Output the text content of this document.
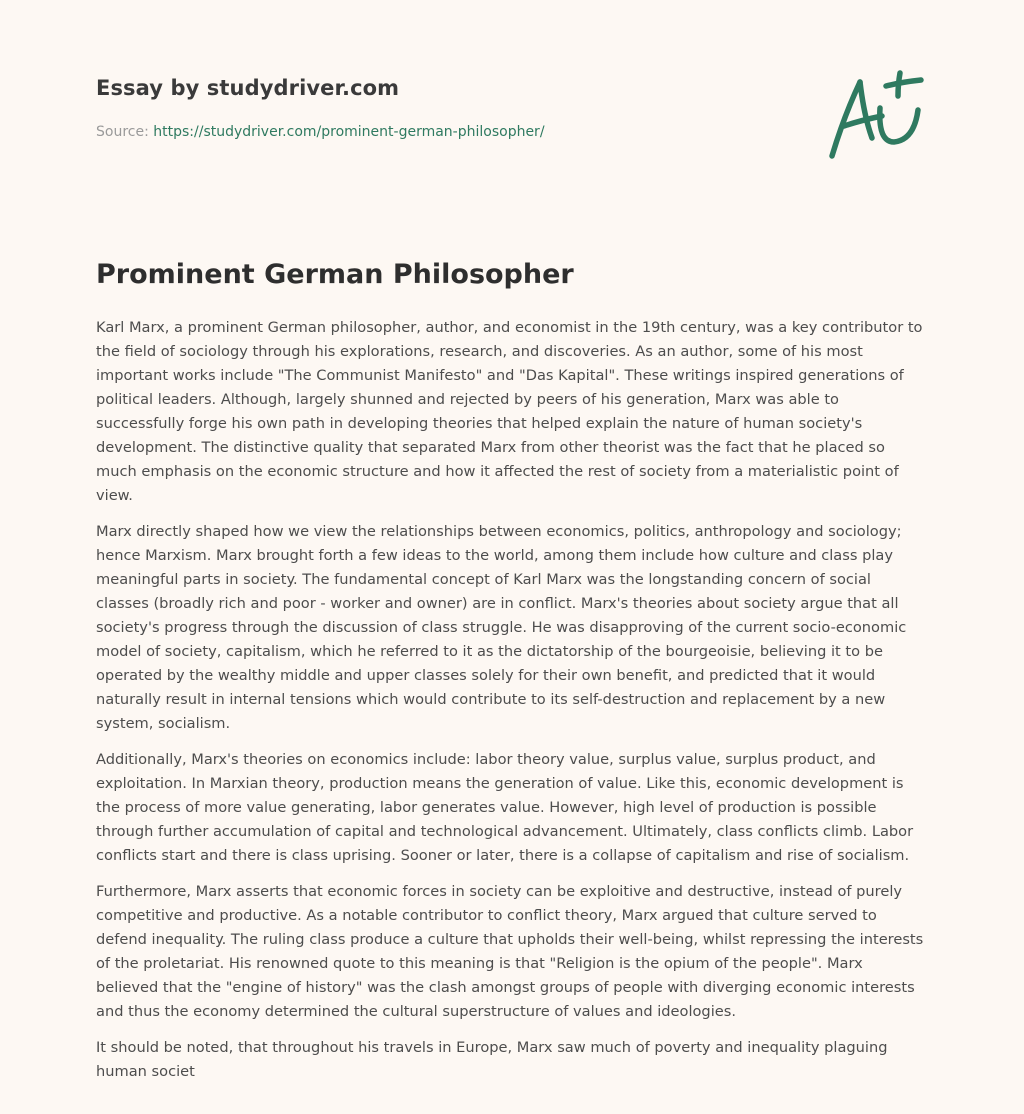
Essay by studydriver.com
Source: https://studydriver.com/prominent-german-philosopher/
Prominent German Philosopher

Karl Marx, a prominent German philosopher, author, and economist in the 19th century, was a key contributor to the field of sociology through his explorations, research, and discoveries. As an author, some of his most important works include "The Communist Manifesto" and "Das Kapital". These writings inspired generations of political leaders. Although, largely shunned and rejected by peers of his generation, Marx was able to successfully forge his own path in developing theories that helped explain the nature of human society's development. The distinctive quality that separated Marx from other theorist was the fact that he placed so much emphasis on the economic structure and how it affected the rest of society from a materialistic point of view.

Marx directly shaped how we view the relationships between economics, politics, anthropology and sociology; hence Marxism. Marx brought forth a few ideas to the world, among them include how culture and class play meaningful parts in society. The fundamental concept of Karl Marx was the longstanding concern of social classes (broadly rich and poor - worker and owner) are in conflict. Marx's theories about society argue that all society's progress through the discussion of class struggle. He was disapproving of the current socio-economic model of society, capitalism, which he referred to it as the dictatorship of the bourgeoisie, believing it to be operated by the wealthy middle and upper classes solely for their own benefit, and predicted that it would naturally result in internal tensions which would contribute to its self-destruction and replacement by a new system, socialism.

Additionally, Marx's theories on economics include: labor theory value, surplus value, surplus product, and exploitation. In Marxian theory, production means the generation of value. Like this, economic development is the process of more value generating, labor generates value. However, high level of production is possible through further accumulation of capital and technological advancement. Ultimately, class conflicts climb. Labor conflicts start and there is class uprising. Sooner or later, there is a collapse of capitalism and rise of socialism.

Furthermore, Marx asserts that economic forces in society can be exploitive and destructive, instead of purely competitive and productive. As a notable contributor to conflict theory, Marx argued that culture served to defend inequality. The ruling class produce a culture that upholds their well-being, whilst repressing the interests of the proletariat. His renowned quote to this meaning is that "Religion is the opium of the people". Marx believed that the "engine of history" was the clash amongst groups of people with diverging economic interests and thus the economy determined the cultural superstructure of values and ideologies.

It should be noted, that throughout his travels in Europe, Marx saw much of poverty and inequality plaguing human societ
